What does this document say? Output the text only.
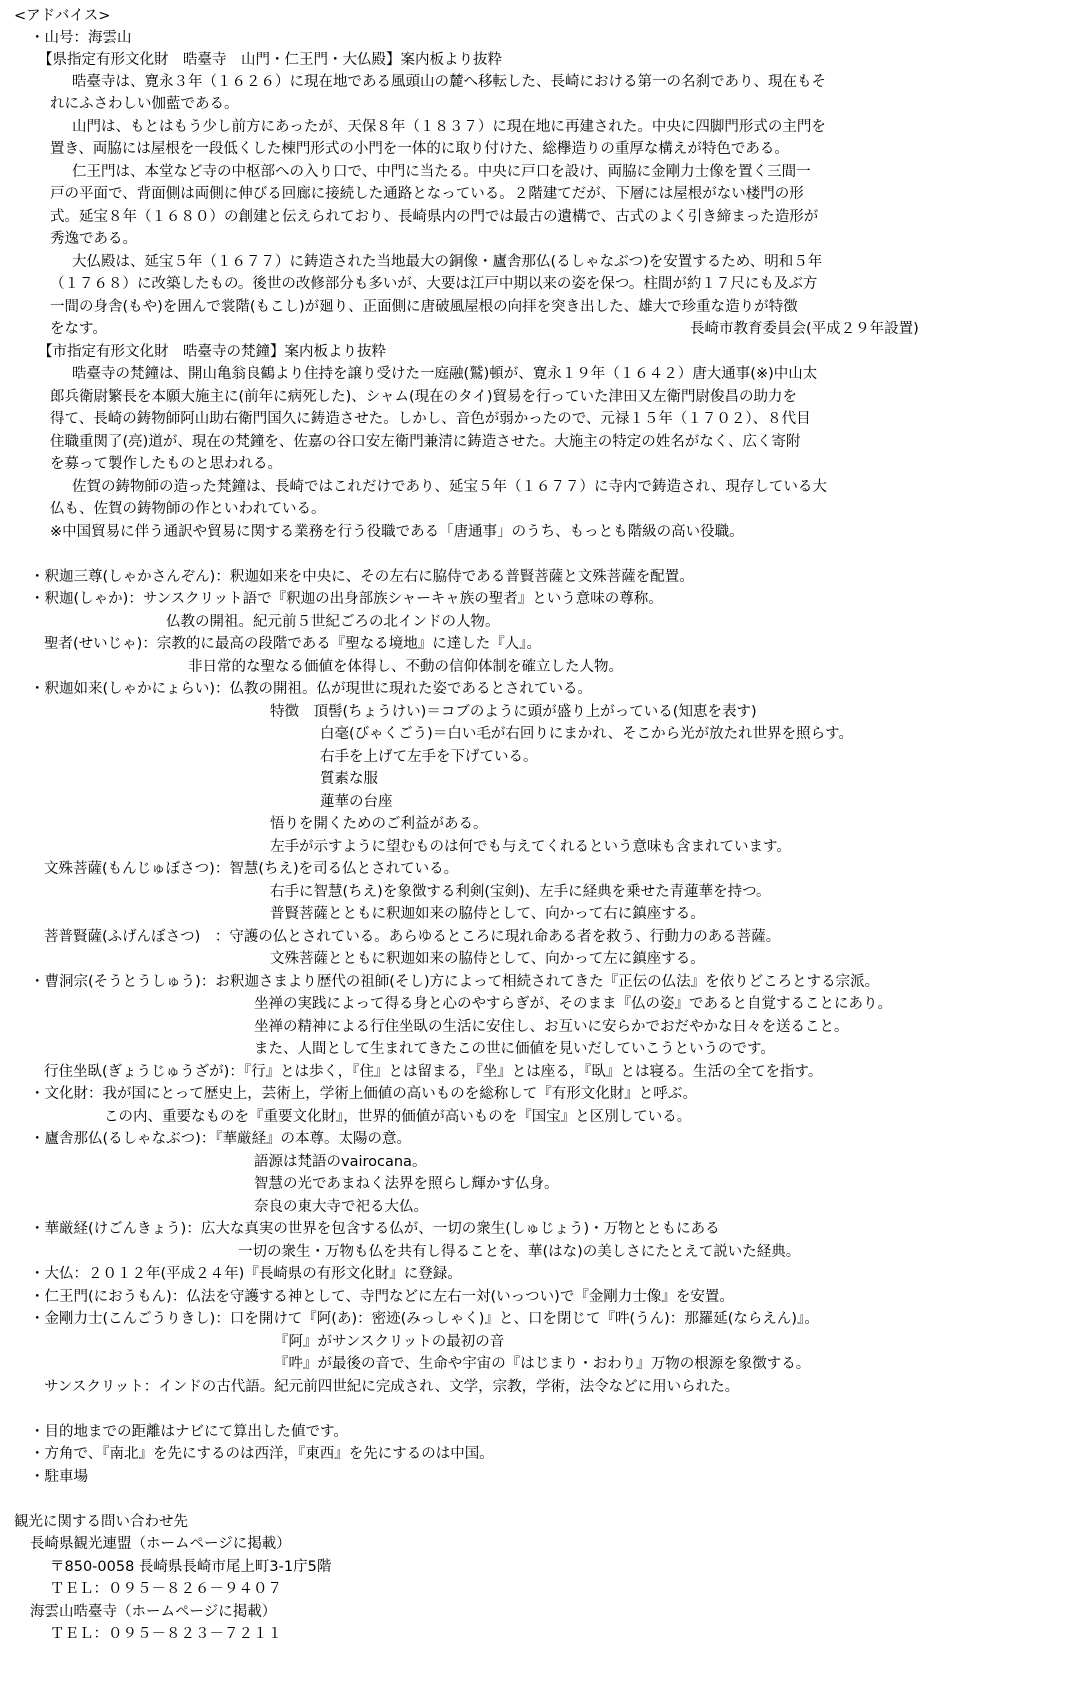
<アドバイス>
・山号：海雲山
【県指定有形文化財　晧臺寺　山門・仁王門・大仏殿】案内板より抜粋
晧臺寺は、寛永３年（１６２６）に現在地である風頭山の麓へ移転した、長崎における第一の名刹であり、現在もそ
れにふさわしい伽藍である。
山門は、もとはもう少し前方にあったが、天保８年（１８３７）に現在地に再建された。中央に四脚門形式の主門を
置き、両脇には屋根を一段低くした棟門形式の小門を一体的に取り付けた、総欅造りの重厚な構えが特色である。
仁王門は、本堂など寺の中枢部への入り口で、中門に当たる。中央に戸口を設け、両脇に金剛力士像を置く三間一
戸の平面で、背面側は両側に伸びる回廊に接続した通路となっている。２階建てだが、下層には屋根がない楼門の形
式。延宝８年（１６８０）の創建と伝えられており、長崎県内の門では最古の遺構で、古式のよく引き締まった造形が
秀逸である。
大仏殿は、延宝５年（１６７７）に鋳造された当地最大の銅像・廬舎那仏(るしゃなぶつ)を安置するため、明和５年
（１７６８）に改築したもの。後世の改修部分も多いが、大要は江戸中期以来の姿を保つ。柱間が約１７尺にも及ぶ方
一間の身舎(もや)を囲んで裳階(もこし)が廻り、正面側に唐破風屋根の向拝を突き出した、雄大で珍重な造りが特徴
をなす。	長崎市教育委員会(平成２９年設置)
【市指定有形文化財　晧臺寺の梵鐘】案内板より抜粋
晧臺寺の梵鐘は、開山亀翁良鶴より住持を譲り受けた一庭融(鷲)頓が、寛永１９年（１６４２）唐大通事(※)中山太
郎兵衛尉繁長を本願大施主に(前年に病死した)、シャム(現在のタイ)貿易を行っていた津田又左衛門尉俊昌の助力を
得て、長崎の鋳物師阿山助右衛門国久に鋳造させた。しかし、音色が弱かったので、元禄１５年（１７０２）、８代目
住職重関了(亮)道が、現在の梵鐘を、佐嘉の谷口安左衛門兼清に鋳造させた。大施主の特定の姓名がなく、広く寄附
を募って製作したものと思われる。
佐賀の鋳物師の造った梵鐘は、長崎ではこれだけであり、延宝５年（１６７７）に寺内で鋳造され、現存している大
仏も、佐賀の鋳物師の作といわれている。
※中国貿易に伴う通訳や貿易に関する業務を行う役職である「唐通事」のうち、もっとも階級の高い役職。
・釈迦三尊(しゃかさんぞん)：釈迦如来を中央に、その左右に脇侍である普賢菩薩と文殊菩薩を配置。
・釈迦(しゃか)：サンスクリット語で『釈迦の出身部族シャーキャ族の聖者』という意味の尊称。
仏教の開祖。紀元前５世紀ごろの北インドの人物。
聖者(せいじゃ)：宗教的に最高の段階である『聖なる境地』に達した『人』。
非日常的な聖なる価値を体得し、不動の信仰体制を確立した人物。
・釈迦如来(しゃかにょらい)：仏教の開祖。仏が現世に現れた姿であるとされている。
特徴　頂髻(ちょうけい)＝コブのように頭が盛り上がっている(知恵を表す)
白毫(びゃくごう)＝白い毛が右回りにまかれ、そこから光が放たれ世界を照らす。
右手を上げて左手を下げている。
質素な服
蓮華の台座
悟りを開くためのご利益がある。
左手が示すように望むものは何でも与えてくれるという意味も含まれています。
文殊菩薩(もんじゅぼさつ)：智慧(ちえ)を司る仏とされている。
右手に智慧(ちえ)を象徴する利剣(宝剣)、左手に経典を乗せた青蓮華を持つ。
普賢菩薩とともに釈迦如来の脇侍として、向かって右に鎮座する。
菩普賢薩(ふげんぼさつ)　：守護の仏とされている。あらゆるところに現れ命ある者を救う、行動力のある菩薩。
文殊菩薩とともに釈迦如来の脇侍として、向かって左に鎮座する。
・曹洞宗(そうとうしゅう)：お釈迦さまより歴代の祖師(そし)方によって相続されてきた『正伝の仏法』を依りどころとする宗派。
坐禅の実践によって得る身と心のやすらぎが、そのまま『仏の姿』であると自覚することにあり。
坐禅の精神による行住坐臥の生活に安住し、お互いに安らかでおだやかな日々を送ること。
また、人間として生まれてきたこの世に価値を見いだしていこうというのです。
行住坐臥(ぎょうじゅうざが)：『行』とは歩く，『住』とは留まる，『坐』とは座る，『臥』とは寝る。生活の全てを指す。
・文化財：我が国にとって歴史上，芸術上，学術上価値の高いものを総称して『有形文化財』と呼ぶ。
この内、重要なものを『重要文化財』，世界的価値が高いものを『国宝』と区別している。
・廬舎那仏(るしゃなぶつ)：『華厳経』の本尊。太陽の意。
語源は梵語のvairocana。
智慧の光であまねく法界を照らし輝かす仏身。
奈良の東大寺で祀る大仏。
・華厳経(けごんきょう)：広大な真実の世界を包含する仏が、一切の衆生(しゅじょう)・万物とともにある
一切の衆生・万物も仏を共有し得ることを、華(はな)の美しさにたとえて説いた経典。
・大仏：２０１２年(平成２４年)『長崎県の有形文化財』に登録。
・仁王門(におうもん)：仏法を守護する神として、寺門などに左右一対(いっつい)で『金剛力士像』を安置。
・金剛力士(こんごうりきし)：口を開けて『阿(あ)：密迹(みっしゃく)』と、口を閉じて『吽(うん)：那羅延(ならえん)』。
『阿』がサンスクリットの最初の音
『吽』が最後の音で、生命や宇宙の『はじまり・おわり』万物の根源を象徴する。
サンスクリット：インドの古代語。紀元前四世紀に完成され、文学，宗教，学術，法令などに用いられた。
・目的地までの距離はナビにて算出した値です。
・方角で、『南北』を先にするのは西洋，『東西』を先にするのは中国。
・駐車場
観光に関する問い合わせ先
長崎県観光連盟（ホームページに掲載）
〒850-0058 長崎県長崎市尾上町3-1庁5階
ＴＥＬ：０９５－８２６－９４０７
海雲山晧臺寺（ホームページに掲載）
ＴＥＬ：０９５－８２３－７２１１
